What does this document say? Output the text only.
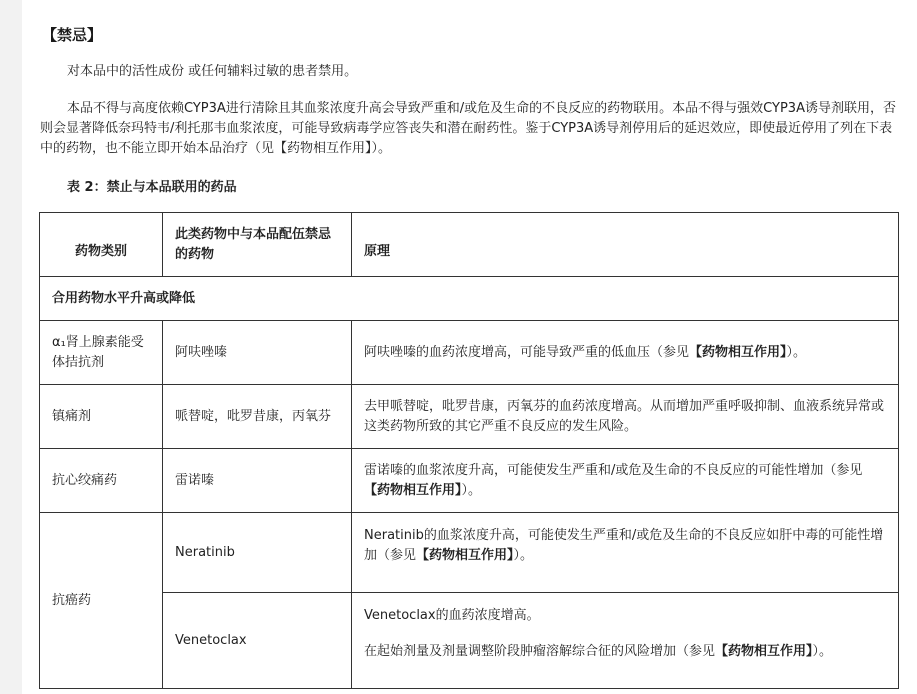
【禁忌】
对本品中的活性成份 或任何辅料过敏的患者禁用。
本品不得与高度依赖CYP3A进行清除且其血浆浓度升高会导致严重和/或危及生命的不良反应的药物联用。本品不得与强效CYP3A诱导剂联用，否则会显著降低奈玛特韦/利托那韦血浆浓度，可能导致病毒学应答丧失和潜在耐药性。鉴于CYP3A诱导剂停用后的延迟效应，即使最近停用了列在下表中的药物，也不能立即开始本品治疗（见【药物相互作用】）。
表 2：禁止与本品联用的药品
药物类别	此类药物中与本品配伍禁忌的药物	原理
合用药物水平升高或降低		
α₁肾上腺素能受体拮抗剂	阿呋唑嗪	阿呋唑嗪的血药浓度增高，可能导致严重的低血压（参见【药物相互作用】）。
镇痛剂	哌替啶，吡罗昔康，丙氧芬	去甲哌替啶，吡罗昔康，丙氧芬的血药浓度增高。从而增加严重呼吸抑制、血液系统异常或这类药物所致的其它严重不良反应的发生风险。
抗心绞痛药	雷诺嗪	雷诺嗪的血浆浓度升高，可能使发生严重和/或危及生命的不良反应的可能性增加（参见【药物相互作用】）。
抗癌药	Neratinib	Neratinib的血浆浓度升高，可能使发生严重和/或危及生命的不良反应如肝中毒的可能性增加（参见【药物相互作用】）。
	Venetoclax	Venetoclax的血药浓度增高。
在起始剂量及剂量调整阶段肿瘤溶解综合征的风险增加（参见【药物相互作用】）。
